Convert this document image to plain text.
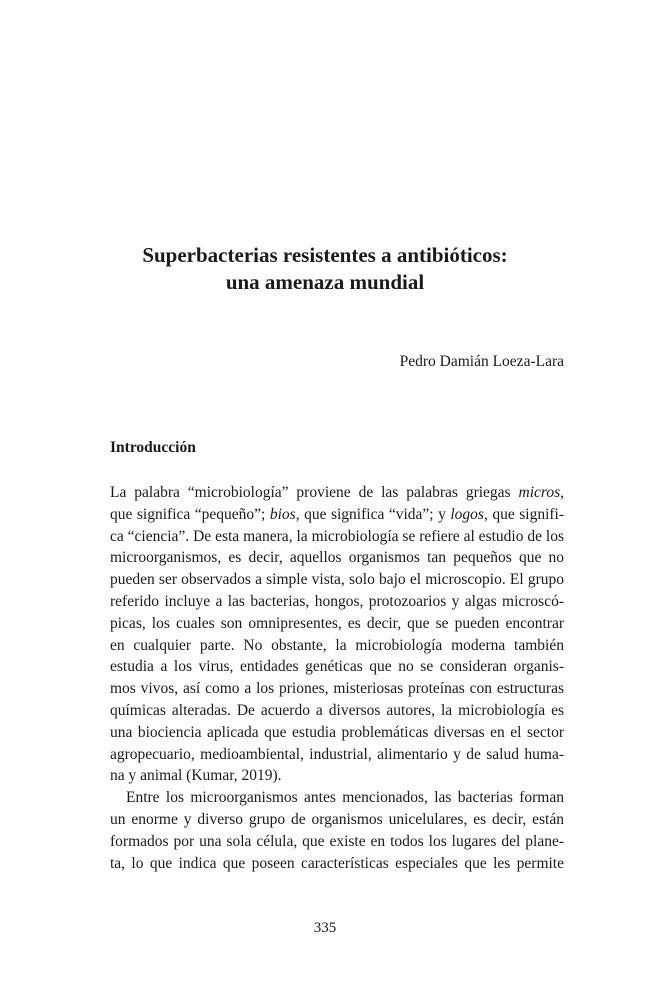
Superbacterias resistentes a antibióticos:
una amenaza mundial
Pedro Damián Loeza-Lara
Introducción
La palabra “microbiología” proviene de las palabras griegas micros,
que significa “pequeño”; bios, que significa “vida”; y logos, que signifi-
ca “ciencia”. De esta manera, la microbiología se refiere al estudio de los
microorganismos, es decir, aquellos organismos tan pequeños que no
pueden ser observados a simple vista, solo bajo el microscopio. El grupo
referido incluye a las bacterias, hongos, protozoarios y algas microscó-
picas, los cuales son omnipresentes, es decir, que se pueden encontrar
en cualquier parte. No obstante, la microbiología moderna también
estudia a los virus, entidades genéticas que no se consideran organis-
mos vivos, así como a los priones, misteriosas proteínas con estructuras
químicas alteradas. De acuerdo a diversos autores, la microbiología es
una biociencia aplicada que estudia problemáticas diversas en el sector
agropecuario, medioambiental, industrial, alimentario y de salud huma-
na y animal (Kumar, 2019).
Entre los microorganismos antes mencionados, las bacterias forman
un enorme y diverso grupo de organismos unicelulares, es decir, están
formados por una sola célula, que existe en todos los lugares del plane-
ta, lo que indica que poseen características especiales que les permite
335
